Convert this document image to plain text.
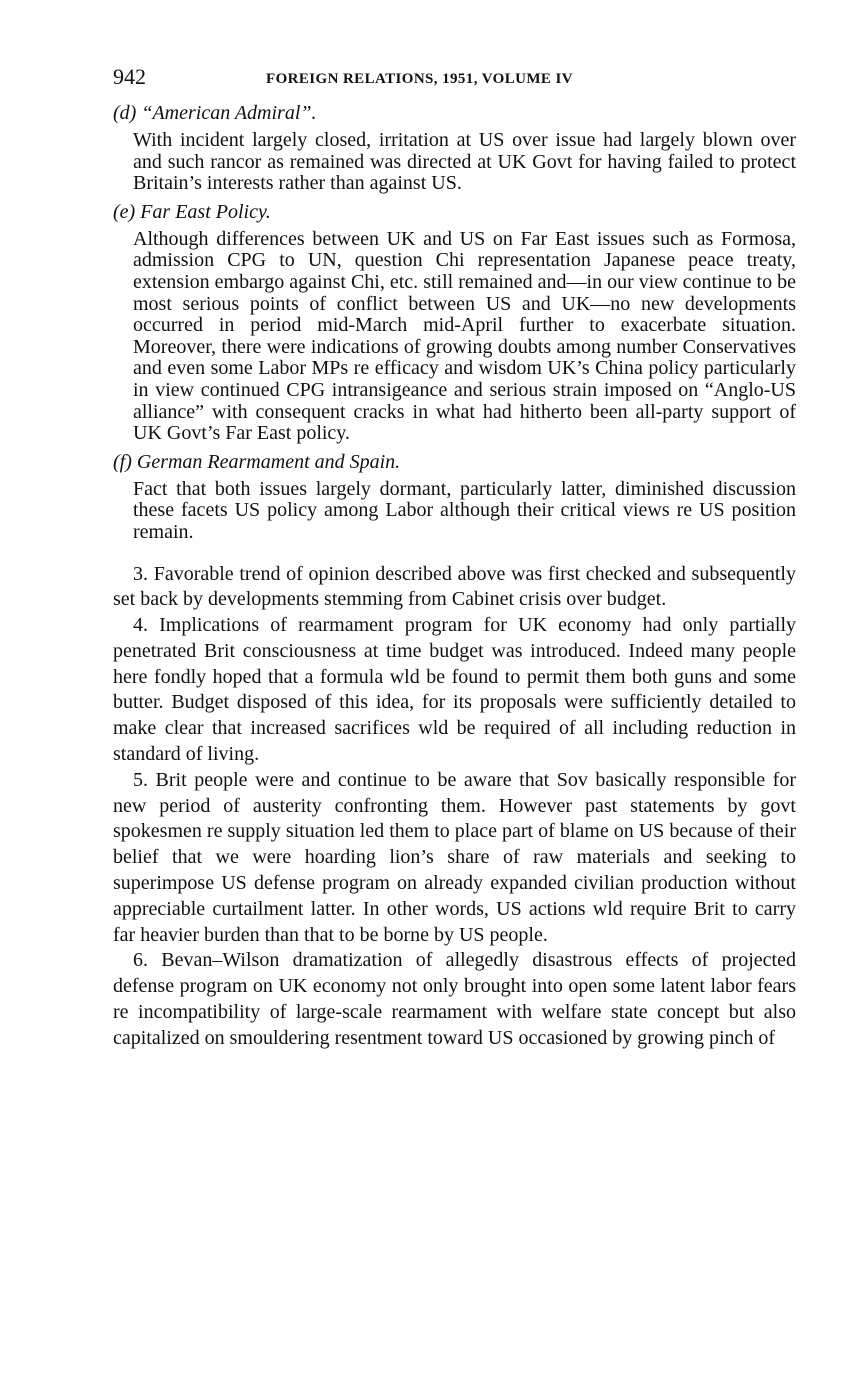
942	FOREIGN RELATIONS, 1951, VOLUME IV
(d) “American Admiral”.

With incident largely closed, irritation at US over issue had largely blown over and such rancor as remained was directed at UK Govt for having failed to protect Britain’s interests rather than against US.

(e) Far East Policy.

Although differences between UK and US on Far East issues such as Formosa, admission CPG to UN, question Chi representation Japanese peace treaty, extension embargo against Chi, etc. still remained and—in our view continue to be most serious points of conflict between US and UK—no new developments occurred in period mid-March mid-April further to exacerbate situation. Moreover, there were indications of growing doubts among number Conservatives and even some Labor MPs re efficacy and wisdom UK’s China policy particularly in view continued CPG intransigeance and serious strain imposed on “Anglo-US alliance” with consequent cracks in what had hitherto been all-party support of UK Govt’s Far East policy.

(f) German Rearmament and Spain.

Fact that both issues largely dormant, particularly latter, diminished discussion these facets US policy among Labor although their critical views re US position remain.

3. Favorable trend of opinion described above was first checked and subsequently set back by developments stemming from Cabinet crisis over budget.

4. Implications of rearmament program for UK economy had only partially penetrated Brit consciousness at time budget was introduced. Indeed many people here fondly hoped that a formula wld be found to permit them both guns and some butter. Budget disposed of this idea, for its proposals were sufficiently detailed to make clear that increased sacrifices wld be required of all including reduction in standard of living.

5. Brit people were and continue to be aware that Sov basically responsible for new period of austerity confronting them. However past statements by govt spokesmen re supply situation led them to place part of blame on US because of their belief that we were hoarding lion’s share of raw materials and seeking to superimpose US defense program on already expanded civilian production without appreciable curtailment latter. In other words, US actions wld require Brit to carry far heavier burden than that to be borne by US people.

6. Bevan–Wilson dramatization of allegedly disastrous effects of projected defense program on UK economy not only brought into open some latent labor fears re incompatibility of large-scale rearmament with welfare state concept but also capitalized on smouldering resentment toward US occasioned by growing pinch of
